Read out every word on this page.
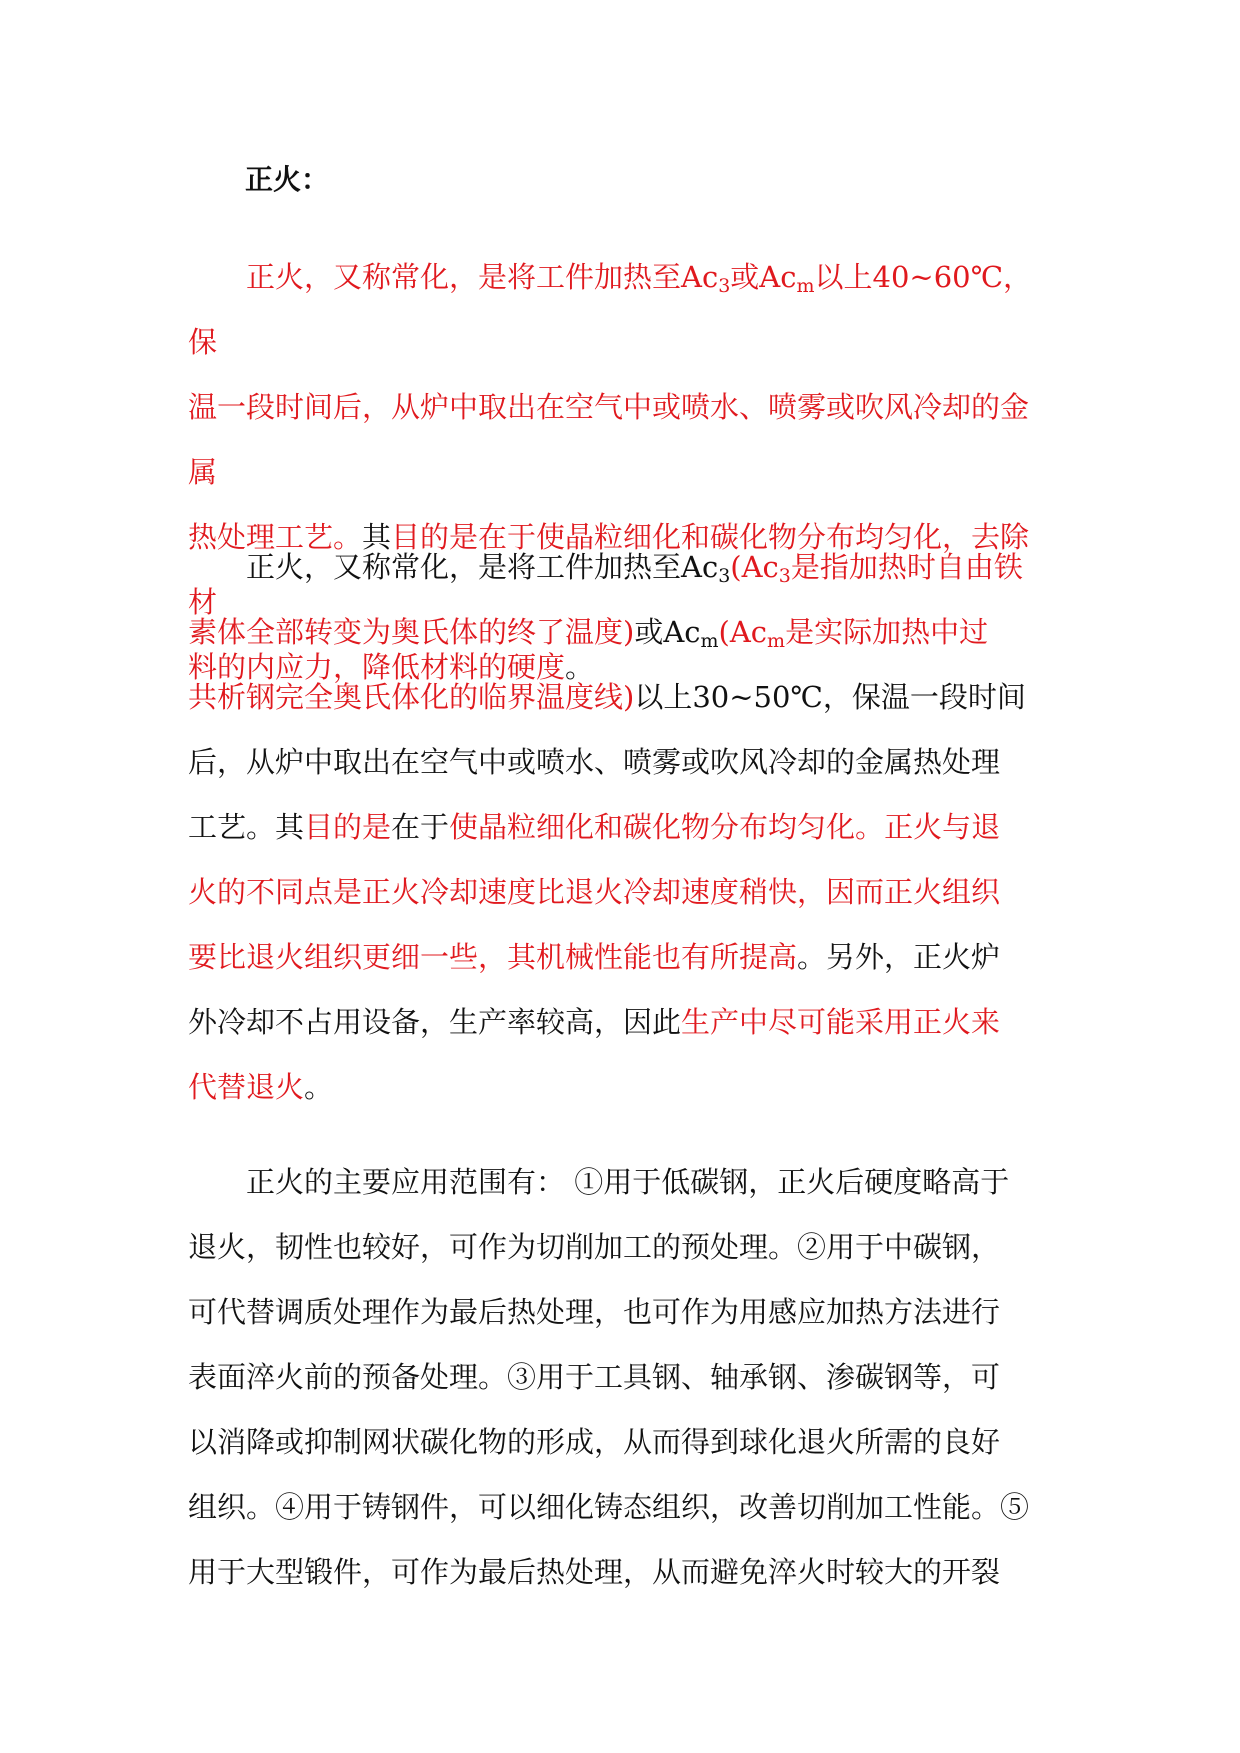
正火：

正火，又称常化，是将工件加热至$Ac_3$或$Ac_m$以上40~60℃，保
温一段时间后，从炉中取出在空气中或喷水、喷雾或吹风冷却的金属
热处理工艺。其目的是在于使晶粒细化和碳化物分布均匀化，去除材
料的内应力，降低材料的硬度。

正火，又称常化，是将工件加热至$Ac_3(Ac_3$是指加热时自由铁
素体全部转变为奥氏体的终了温度)或$Ac_m(Ac_m$是实际加热中过
共析钢完全奥氏体化的临界温度线)以上30~50℃，保温一段时间
后，从炉中取出在空气中或喷水、喷雾或吹风冷却的金属热处理
工艺。其目的是在于使晶粒细化和碳化物分布均匀化。正火与退
火的不同点是正火冷却速度比退火冷却速度稍快，因而正火组织
要比退火组织更细一些，其机械性能也有所提高。另外，正火炉
外冷却不占用设备，生产率较高，因此生产中尽可能采用正火来
代替退火。

正火的主要应用范围有： ①用于低碳钢，正火后硬度略高于
退火，韧性也较好，可作为切削加工的预处理。②用于中碳钢，
可代替调质处理作为最后热处理，也可作为用感应加热方法进行
表面淬火前的预备处理。③用于工具钢、轴承钢、渗碳钢等，可
以消降或抑制网状碳化物的形成，从而得到球化退火所需的良好
组织。④用于铸钢件，可以细化铸态组织，改善切削加工性能。⑤
用于大型锻件，可作为最后热处理，从而避免淬火时较大的开裂
